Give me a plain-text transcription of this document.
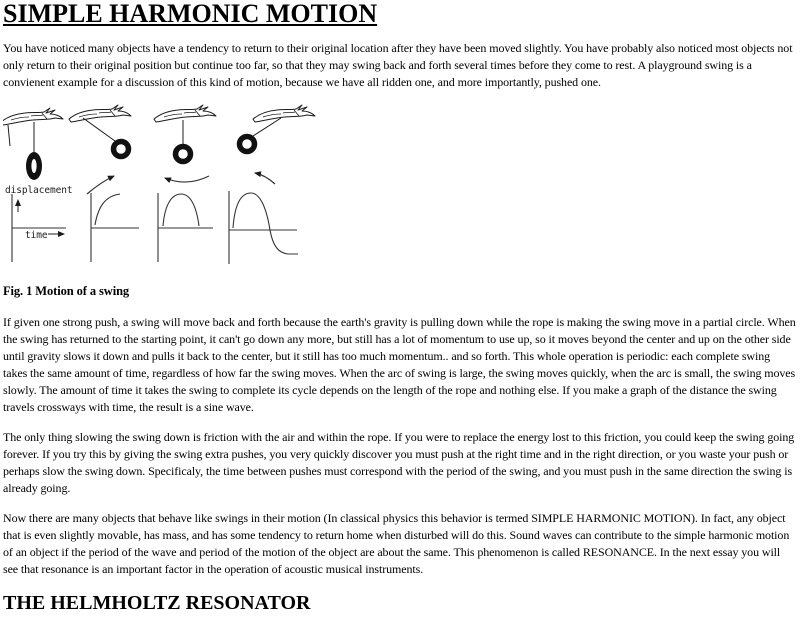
SIMPLE HARMONIC MOTION

You have noticed many objects have a tendency to return to their original location after they have been moved slightly. You have probably also noticed most objects not only return to their original position but continue too far, so that they may swing back and forth several times before they come to rest. A playground swing is a convienent example for a discussion of this kind of motion, because we have all ridden one, and more importantly, pushed one.

displacement
time

Fig. 1 Motion of a swing

If given one strong push, a swing will move back and forth because the earth's gravity is pulling down while the rope is making the swing move in a partial circle. When the swing has returned to the starting point, it can't go down any more, but still has a lot of momentum to use up, so it moves beyond the center and up on the other side until gravity slows it down and pulls it back to the center, but it still has too much momentum.. and so forth. This whole operation is periodic: each complete swing takes the same amount of time, regardless of how far the swing moves. When the arc of swing is large, the swing moves quickly, when the arc is small, the swing moves slowly. The amount of time it takes the swing to complete its cycle depends on the length of the rope and nothing else. If you make a graph of the distance the swing travels crossways with time, the result is a sine wave.

The only thing slowing the swing down is friction with the air and within the rope. If you were to replace the energy lost to this friction, you could keep the swing going forever. If you try this by giving the swing extra pushes, you very quickly discover you must push at the right time and in the right direction, or you waste your push or perhaps slow the swing down. Specificaly, the time between pushes must correspond with the period of the swing, and you must push in the same direction the swing is already going.

Now there are many objects that behave like swings in their motion (In classical physics this behavior is termed SIMPLE HARMONIC MOTION). In fact, any object that is even slightly movable, has mass, and has some tendency to return home when disturbed will do this. Sound waves can contribute to the simple harmonic motion of an object if the period of the wave and period of the motion of the object are about the same. This phenomenon is called RESONANCE. In the next essay you will see that resonance is an important factor in the operation of acoustic musical instruments.

THE HELMHOLTZ RESONATOR
